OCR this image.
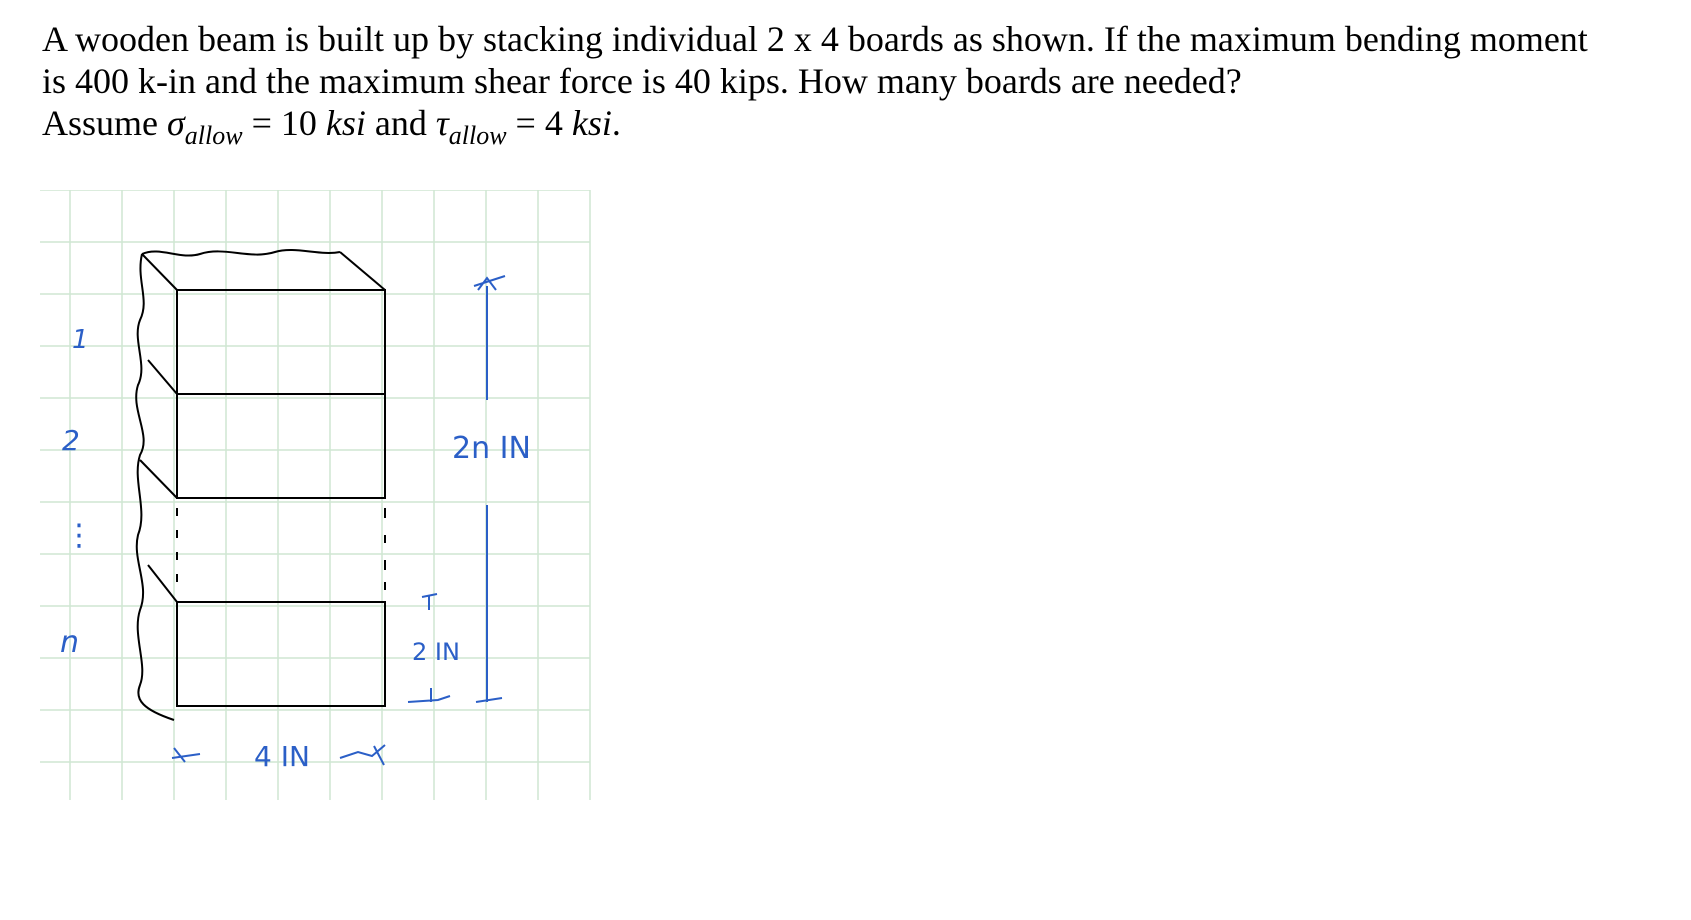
A wooden beam is built up by stacking individual 2 x 4 boards as shown. If the maximum bending moment

is 400 k-in and the maximum shear force is 40 kips. How many boards are needed?

Assume $\sigma_{allow} = 10$ ksi and $\tau_{allow} = 4$ ksi.

1
2
⋮
n
2n IN
2 IN
4 IN
